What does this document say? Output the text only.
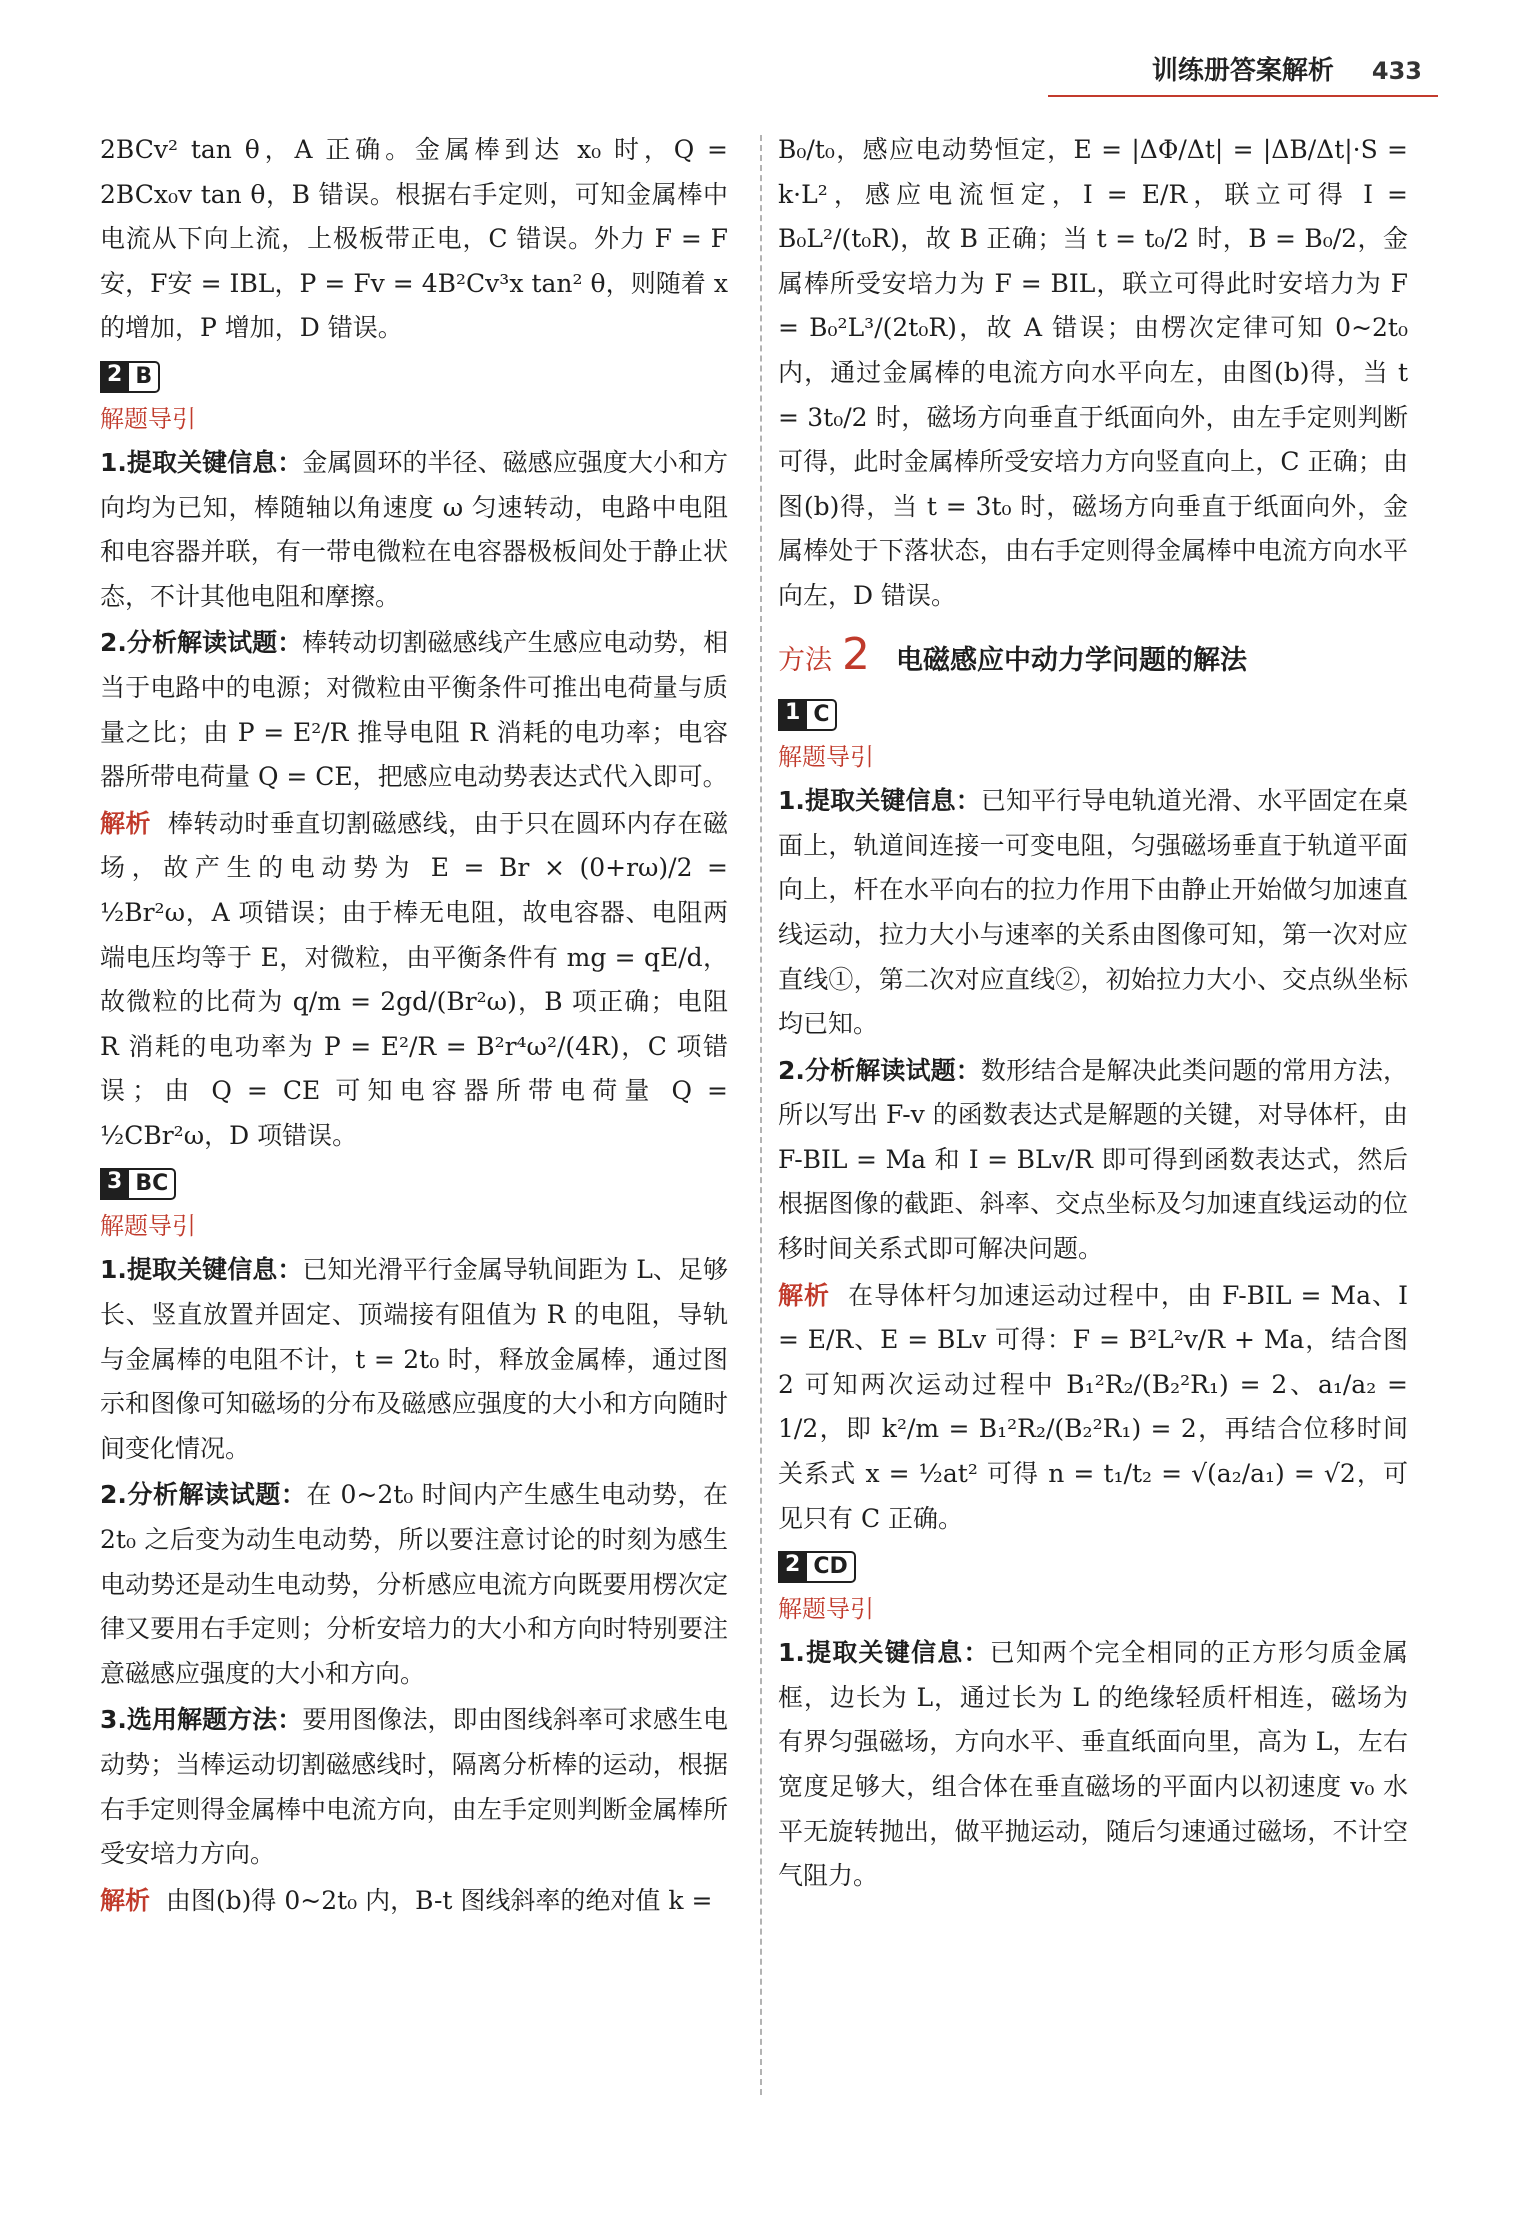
训练册答案解析 433

2BCv² tan θ，A 正确。金属棒到达 x₀ 时，Q = 2BCx₀v tan θ，B 错误。根据右手定则，可知金属棒中电流从下向上流，上极板带正电，C 错误。外力 F = F安，F安 = IBL，P = Fv = 4B²Cv³x tan² θ，则随着 x 的增加，P 增加，D 错误。

2 B
解题导引

1.提取关键信息：金属圆环的半径、磁感应强度大小和方向均为已知，棒随轴以角速度 ω 匀速转动，电路中电阻和电容器并联，有一带电微粒在电容器极板间处于静止状态，不计其他电阻和摩擦。

2.分析解读试题：棒转动切割磁感线产生感应电动势，相当于电路中的电源；对微粒由平衡条件可推出电荷量与质量之比；由 P = E²/R 推导电阻 R 消耗的电功率；电容器所带电荷量 Q = CE，把感应电动势表达式代入即可。

解析 棒转动时垂直切割磁感线，由于只在圆环内存在磁场，故产生的电动势为 E = Br × (0+rω)/2 = ½Br²ω，A 项错误；由于棒无电阻，故电容器、电阻两端电压均等于 E，对微粒，由平衡条件有 mg = qE/d，故微粒的比荷为 q/m = 2gd/(Br²ω)，B 项正确；电阻 R 消耗的电功率为 P = E²/R = B²r⁴ω²/(4R)，C 项错误；由 Q = CE 可知电容器所带电荷量 Q = ½CBr²ω，D 项错误。

3 BC
解题导引

1.提取关键信息：已知光滑平行金属导轨间距为 L、足够长、竖直放置并固定、顶端接有阻值为 R 的电阻，导轨与金属棒的电阻不计，t = 2t₀ 时，释放金属棒，通过图示和图像可知磁场的分布及磁感应强度的大小和方向随时间变化情况。

2.分析解读试题：在 0~2t₀ 时间内产生感生电动势，在 2t₀ 之后变为动生电动势，所以要注意讨论的时刻为感生电动势还是动生电动势，分析感应电流方向既要用楞次定律又要用右手定则；分析安培力的大小和方向时特别要注意磁感应强度的大小和方向。

3.选用解题方法：要用图像法，即由图线斜率可求感生电动势；当棒运动切割磁感线时，隔离分析棒的运动，根据右手定则得金属棒中电流方向，由左手定则判断金属棒所受安培力方向。

解析 由图(b)得 0~2t₀ 内，B-t 图线斜率的绝对值 k =

B₀/t₀，感应电动势恒定，E = |ΔΦ/Δt| = |ΔB/Δt|·S = k·L²，感应电流恒定，I = E/R，联立可得 I = B₀L²/(t₀R)，故 B 正确；当 t = t₀/2 时，B = B₀/2，金属棒所受安培力为 F = BIL，联立可得此时安培力为 F = B₀²L³/(2t₀R)，故 A 错误；由楞次定律可知 0~2t₀ 内，通过金属棒的电流方向水平向左，由图(b)得，当 t = 3t₀/2 时，磁场方向垂直于纸面向外，由左手定则判断可得，此时金属棒所受安培力方向竖直向上，C 正确；由图(b)得，当 t = 3t₀ 时，磁场方向垂直于纸面向外，金属棒处于下落状态，由右手定则得金属棒中电流方向水平向左，D 错误。

方法 2 电磁感应中动力学问题的解法
1 C
解题导引

1.提取关键信息：已知平行导电轨道光滑、水平固定在桌面上，轨道间连接一可变电阻，匀强磁场垂直于轨道平面向上，杆在水平向右的拉力作用下由静止开始做匀加速直线运动，拉力大小与速率的关系由图像可知，第一次对应直线①，第二次对应直线②，初始拉力大小、交点纵坐标均已知。

2.分析解读试题：数形结合是解决此类问题的常用方法，所以写出 F-v 的函数表达式是解题的关键，对导体杆，由 F-BIL = Ma 和 I = BLv/R 即可得到函数表达式，然后根据图像的截距、斜率、交点坐标及匀加速直线运动的位移时间关系式即可解决问题。

解析 在导体杆匀加速运动过程中，由 F-BIL = Ma、I = E/R、E = BLv 可得：F = B²L²v/R + Ma，结合图 2 可知两次运动过程中 B₁²R₂/(B₂²R₁) = 2、a₁/a₂ = 1/2，即 k²/m = B₁²R₂/(B₂²R₁) = 2，再结合位移时间关系式 x = ½at² 可得 n = t₁/t₂ = √(a₂/a₁) = √2，可见只有 C 正确。

2 CD
解题导引

1.提取关键信息：已知两个完全相同的正方形匀质金属框，边长为 L，通过长为 L 的绝缘轻质杆相连，磁场为有界匀强磁场，方向水平、垂直纸面向里，高为 L，左右宽度足够大，组合体在垂直磁场的平面内以初速度 v₀ 水平无旋转抛出，做平抛运动，随后匀速通过磁场，不计空气阻力。
